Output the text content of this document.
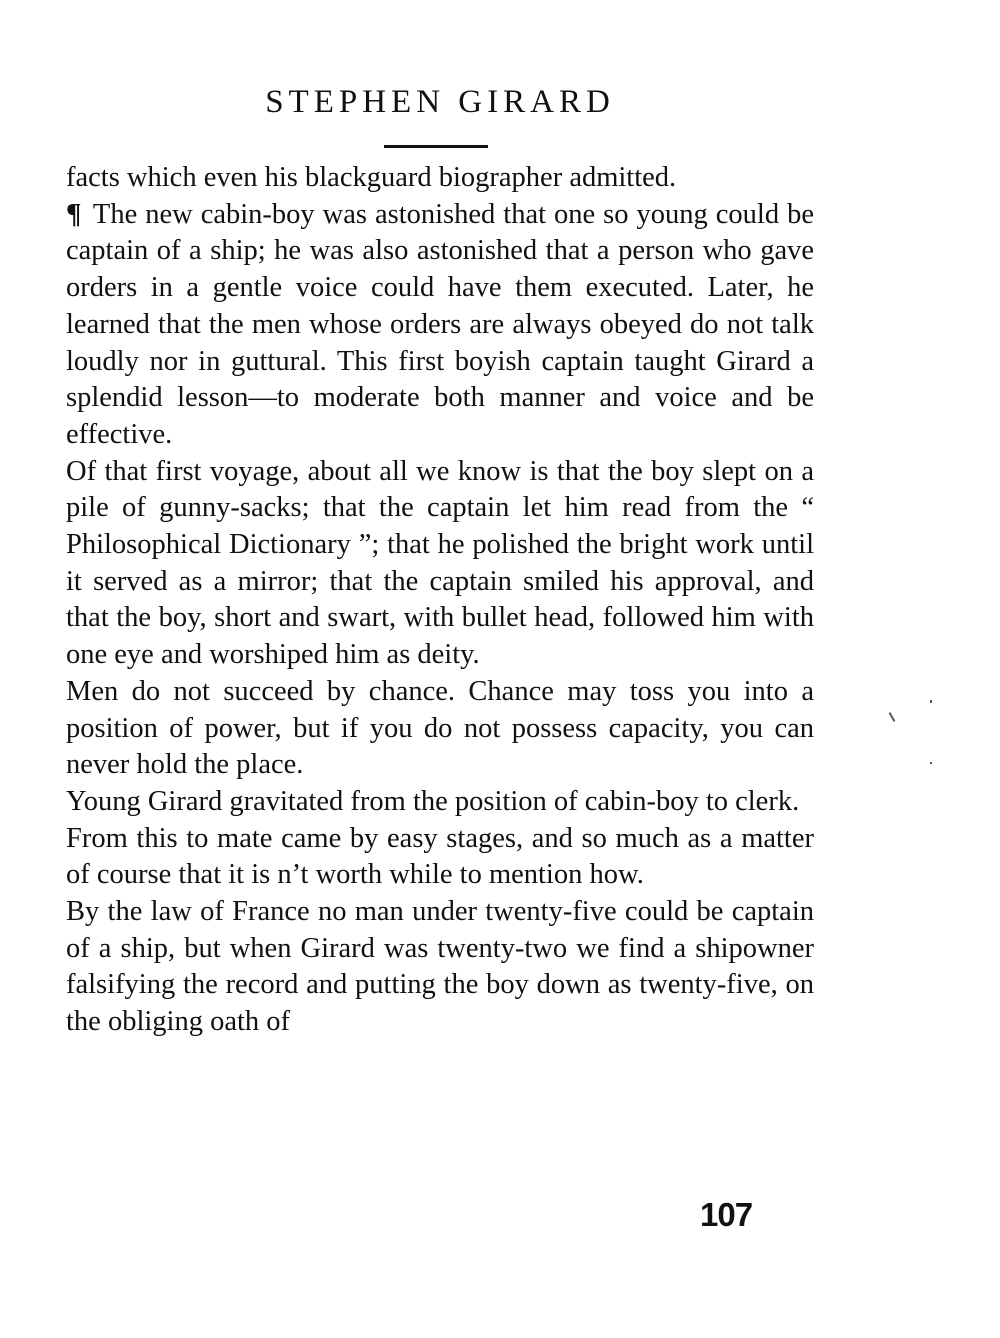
STEPHEN GIRARD

facts which even his blackguard biographer admitted.

¶ The new cabin-boy was astonished that one so young could be captain of a ship; he was also astonished that a person who gave orders in a gentle voice could have them executed. Later, he learned that the men whose orders are always obeyed do not talk loudly nor in guttural. This first boyish captain taught Girard a splendid lesson—to moderate both manner and voice and be effective.

Of that first voyage, about all we know is that the boy slept on a pile of gunny-sacks; that the captain let him read from the “ Philosophical Dictionary ”; that he polished the bright work until it served as a mirror; that the captain smiled his approval, and that the boy, short and swart, with bullet head, followed him with one eye and worshiped him as deity.

Men do not succeed by chance. Chance may toss you into a position of power, but if you do not possess capacity, you can never hold the place.

Young Girard gravitated from the position of cabin-boy to clerk.

From this to mate came by easy stages, and so much as a matter of course that it is n’t worth while to mention how.

By the law of France no man under twenty-five could be captain of a ship, but when Girard was twenty-two we find a shipowner falsifying the record and putting the boy down as twenty-five, on the obliging oath of

107
